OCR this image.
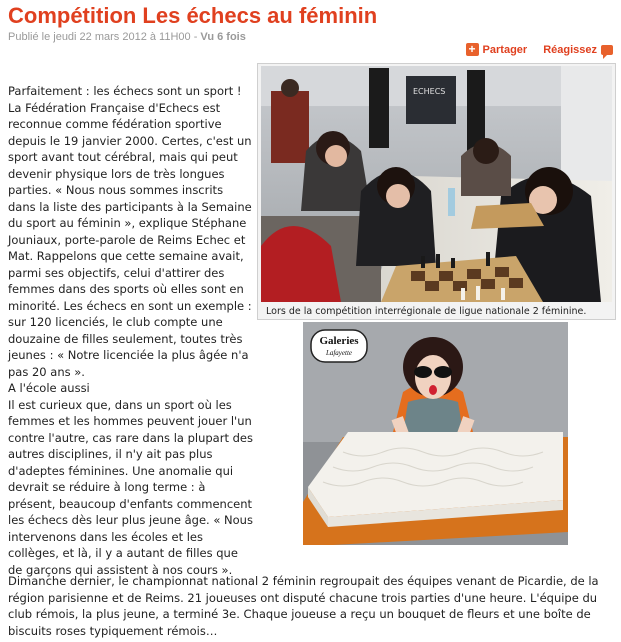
Compétition Les échecs au féminin
Publié le jeudi 22 mars 2012 à 11H00 - Vu 6 fois
+ Partager Réagissez
ECHECS
Lors de la compétition interrégionale de ligue nationale 2 féminine.
Galeries
Lafayette

Parfaitement : les échecs sont un sport ! La Fédération Française d'Echecs est reconnue comme fédération sportive depuis le 19 janvier 2000. Certes, c'est un sport avant tout cérébral, mais qui peut devenir physique lors de très longues parties. « Nous nous sommes inscrits dans la liste des participants à la Semaine du sport au féminin », explique Stéphane Jouniaux, porte-parole de Reims Echec et Mat. Rappelons que cette semaine avait, parmi ses objectifs, celui d'attirer des femmes dans des sports où elles sont en minorité. Les échecs en sont un exemple : sur 120 licenciés, le club compte une douzaine de filles seulement, toutes très jeunes : « Notre licenciée la plus âgée n'a pas 20 ans ».

A l'école aussi

Il est curieux que, dans un sport où les femmes et les hommes peuvent jouer l'un contre l'autre, cas rare dans la plupart des autres disciplines, il n'y ait pas plus d'adeptes féminines. Une anomalie qui devrait se réduire à long terme : à présent, beaucoup d'enfants commencent les échecs dès leur plus jeune âge. « Nous intervenons dans les écoles et les collèges, et là, il y a autant de filles que de garçons qui assistent à nos cours ».

Dimanche dernier, le championnat national 2 féminin regroupait des équipes venant de Picardie, de la région parisienne et de Reims. 21 joueuses ont disputé chacune trois parties d'une heure. L'équipe du club rémois, la plus jeune, a terminé 3e. Chaque joueuse a reçu un bouquet de fleurs et une boîte de biscuits roses typiquement rémois…
